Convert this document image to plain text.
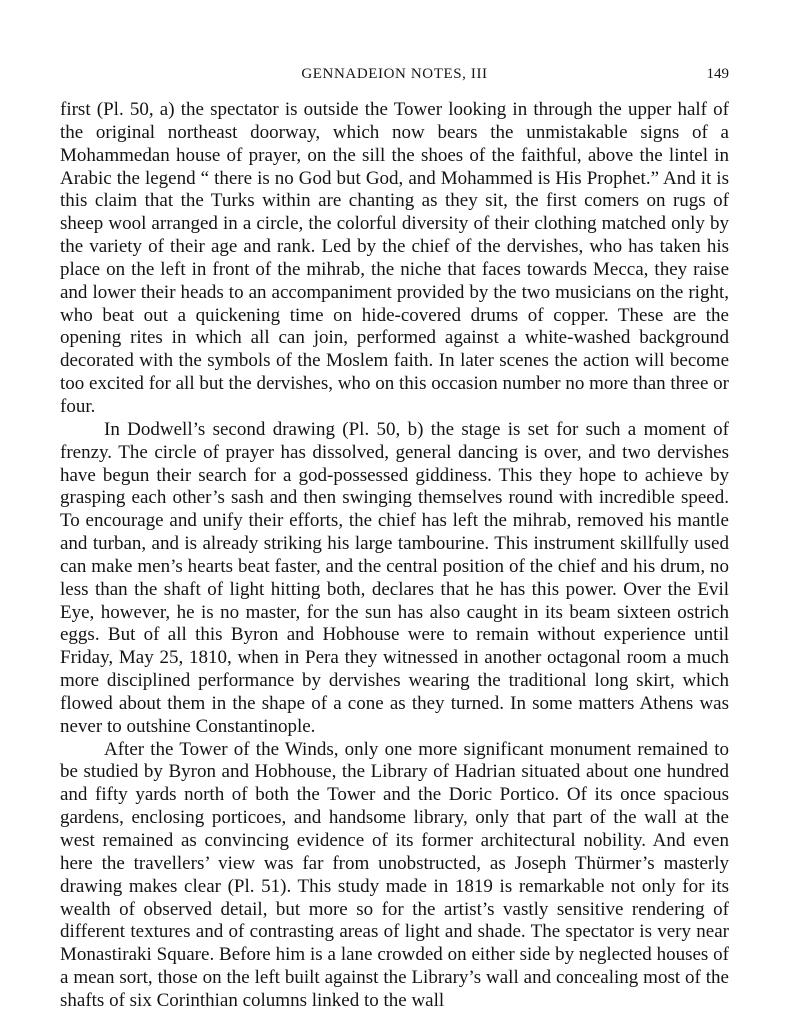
GENNADEION NOTES, III	149

first (Pl. 50, a) the spectator is outside the Tower looking in through the upper half of the original northeast doorway, which now bears the unmistakable signs of a Mohammedan house of prayer, on the sill the shoes of the faithful, above the lintel in Arabic the legend “ there is no God but God, and Mohammed is His Prophet.” And it is this claim that the Turks within are chanting as they sit, the first comers on rugs of sheep wool arranged in a circle, the colorful diversity of their clothing matched only by the variety of their age and rank. Led by the chief of the dervishes, who has taken his place on the left in front of the mihrab, the niche that faces towards Mecca, they raise and lower their heads to an accompaniment provided by the two musicians on the right, who beat out a quickening time on hide-covered drums of copper. These are the opening rites in which all can join, performed against a white-washed background decorated with the symbols of the Moslem faith. In later scenes the action will become too excited for all but the dervishes, who on this occasion number no more than three or four.

In Dodwell’s second drawing (Pl. 50, b) the stage is set for such a moment of frenzy. The circle of prayer has dissolved, general dancing is over, and two dervishes have begun their search for a god-possessed giddiness. This they hope to achieve by grasping each other’s sash and then swinging themselves round with incredible speed. To encourage and unify their efforts, the chief has left the mihrab, removed his mantle and turban, and is already striking his large tambourine. This instrument skillfully used can make men’s hearts beat faster, and the central position of the chief and his drum, no less than the shaft of light hitting both, declares that he has this power. Over the Evil Eye, however, he is no master, for the sun has also caught in its beam sixteen ostrich eggs. But of all this Byron and Hobhouse were to remain without experience until Friday, May 25, 1810, when in Pera they witnessed in another octagonal room a much more disciplined performance by dervishes wearing the traditional long skirt, which flowed about them in the shape of a cone as they turned. In some matters Athens was never to outshine Constantinople.

After the Tower of the Winds, only one more significant monument remained to be studied by Byron and Hobhouse, the Library of Hadrian situated about one hundred and fifty yards north of both the Tower and the Doric Portico. Of its once spacious gardens, enclosing porticoes, and handsome library, only that part of the wall at the west remained as convincing evidence of its former architectural nobility. And even here the travellers’ view was far from unobstructed, as Joseph Thürmer’s masterly drawing makes clear (Pl. 51). This study made in 1819 is remarkable not only for its wealth of observed detail, but more so for the artist’s vastly sensitive rendering of different textures and of contrasting areas of light and shade. The spectator is very near Monastiraki Square. Before him is a lane crowded on either side by neglected houses of a mean sort, those on the left built against the Library’s wall and concealing most of the shafts of six Corinthian columns linked to the wall
